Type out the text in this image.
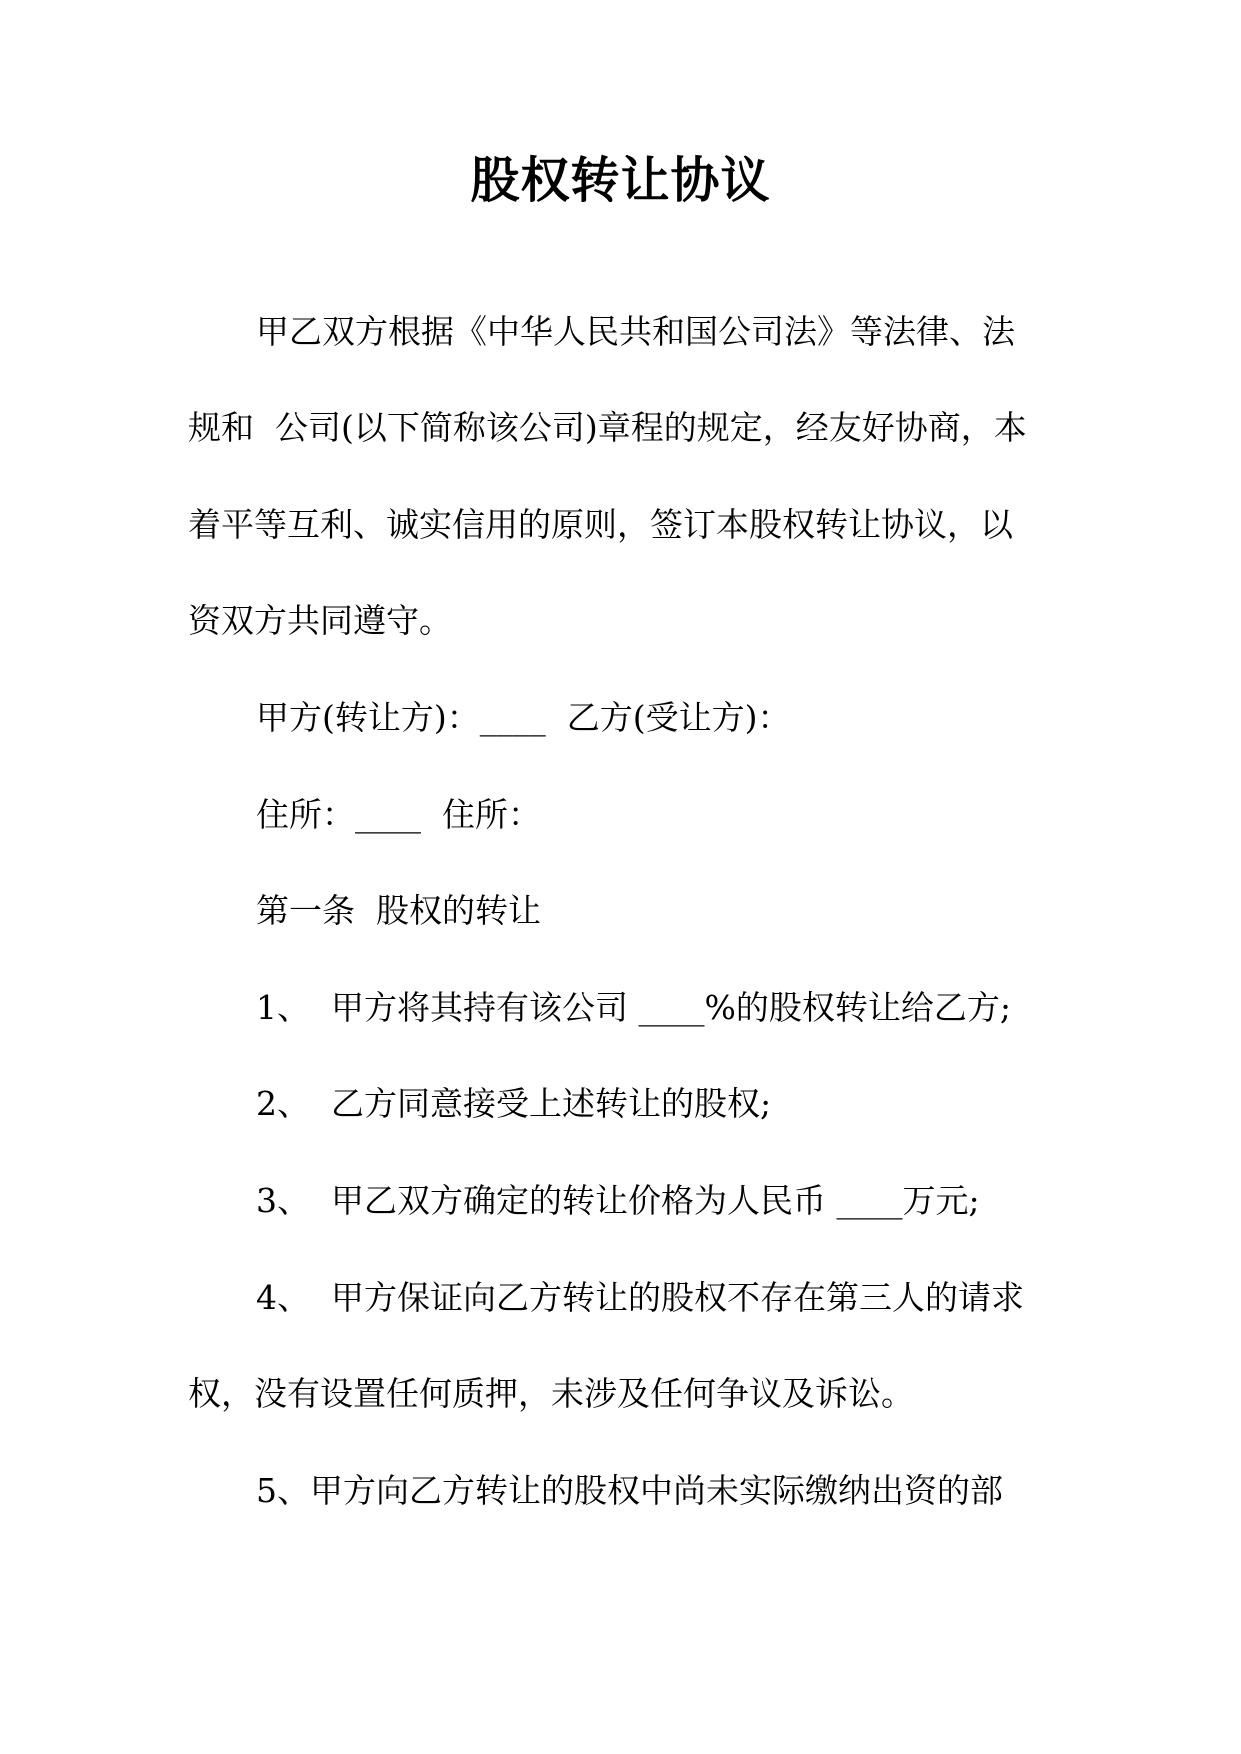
股权转让协议
甲乙双方根据《中华人民共和国公司法》等法律、法
规和  公司(以下简称该公司)章程的规定，经友好协商，本
着平等互利、诚实信用的原则，签订本股权转让协议，以
资双方共同遵守。
甲方(转让方)：____  乙方(受让方)：
住所：____  住所：
第一条  股权的转让
1、  甲方将其持有该公司 ____%的股权转让给乙方;
2、  乙方同意接受上述转让的股权;
3、  甲乙双方确定的转让价格为人民币 ____万元;
4、  甲方保证向乙方转让的股权不存在第三人的请求
权，没有设置任何质押，未涉及任何争议及诉讼。
5、甲方向乙方转让的股权中尚未实际缴纳出资的部
